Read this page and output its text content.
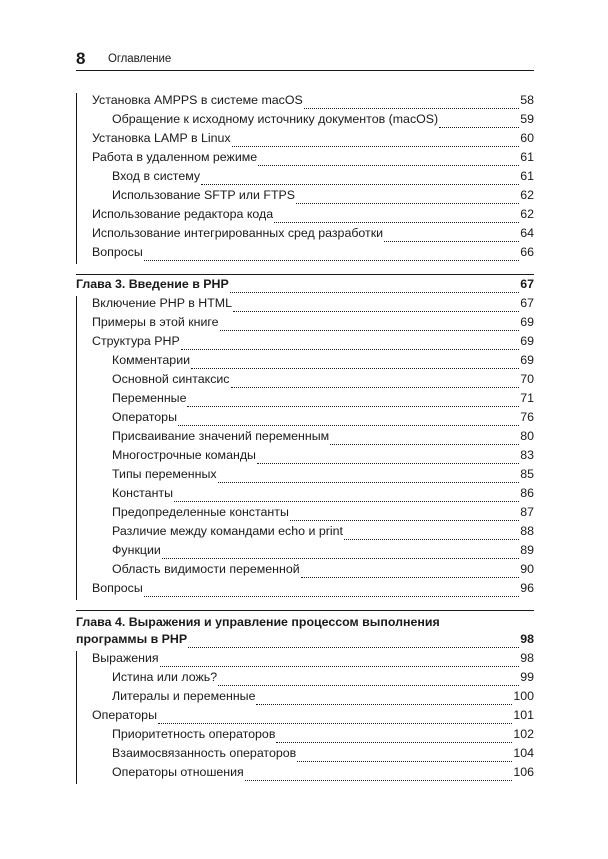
8 Оглавление
Установка AMPPS в системе macOS	58
Обращение к исходному источнику документов (macOS)	59
Установка LAMP в Linux	60
Работа в удаленном режиме	61
Вход в систему	61
Использование SFTP или FTPS	62
Использование редактора кода	62
Использование интегрированных сред разработки	64
Вопросы	66
Глава 3. Введение в PHP	67
Включение PHP в HTML	67
Примеры в этой книге	69
Структура PHP	69
Комментарии	69
Основной синтаксис	70
Переменные	71
Операторы	76
Присваивание значений переменным	80
Многострочные команды	83
Типы переменных	85
Константы	86
Предопределенные константы	87
Различие между командами echo и print	88
Функции	89
Область видимости переменной	90
Вопросы	96
Глава 4. Выражения и управление процессом выполнения
программы в PHP	98
Выражения	98
Истина или ложь?	99
Литералы и переменные	100
Операторы	101
Приоритетность операторов	102
Взаимосвязанность операторов	104
Операторы отношения	106
